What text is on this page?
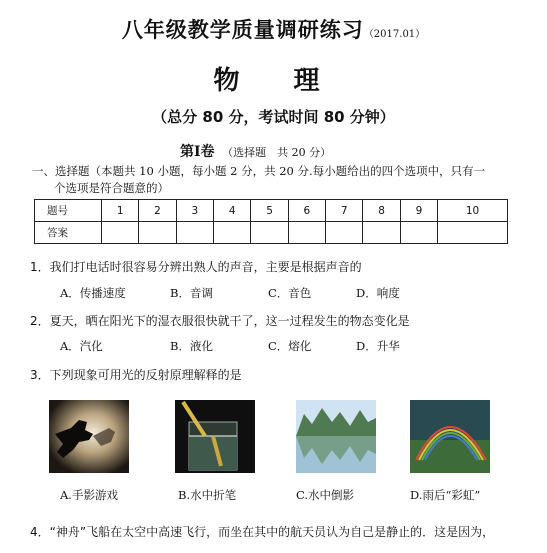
八年级教学质量调研练习（2017.01）
物　理
（总分 80 分，考试时间 80 分钟）
第Ⅰ卷　 （选择题　共 20 分）
一、选择题（本题共 10 小题，每小题 2 分，共 20 分.每小题给出的四个选项中，只有一
个选项是符合题意的）
题号	1	2	3	4	5	6	7	8	9	10
答案										
1．我们打电话时很容易分辨出熟人的声音，主要是根据声音的
A．传播速度	B．音调	C．音色	D．响度
2．夏天，晒在阳光下的湿衣服很快就干了，这一过程发生的物态变化是
A．汽化	B．液化	C．熔化	D．升华
3．下列现象可用光的反射原理解释的是
A.手影游戏	B.水中折笔	C.水中倒影	D.雨后“彩虹”
4．“神舟”飞船在太空中高速飞行，而坐在其中的航天员认为自己是静止的．这是因为，
